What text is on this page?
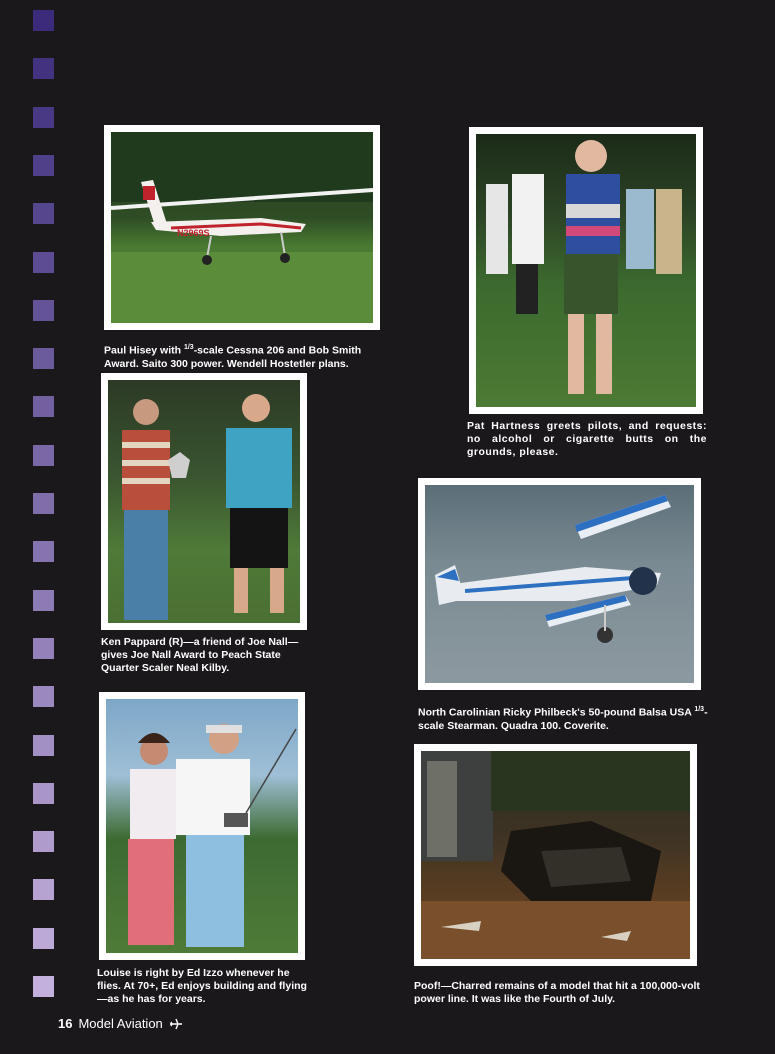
N2969S

Paul Hisey with $^{1/3}$-scale Cessna 206 and Bob Smith Award. Saito 300 power. Wendell Hostetler plans.

Pat Hartness greets pilots, and requests: no alcohol or cigarette butts on the grounds, please.

Ken Pappard (R)—a friend of Joe Nall—gives Joe Nall Award to Peach State Quarter Scaler Neal Kilby.

North Carolinian Ricky Philbeck's 50-pound Balsa USA $^{1/3}$-scale Stearman. Quadra 100. Coverite.

Louise is right by Ed Izzo whenever he flies. At 70+, Ed enjoys building and flying—as he has for years.

Poof!—Charred remains of a model that hit a 100,000-volt power line. It was like the Fourth of July.

16 Model Aviation
